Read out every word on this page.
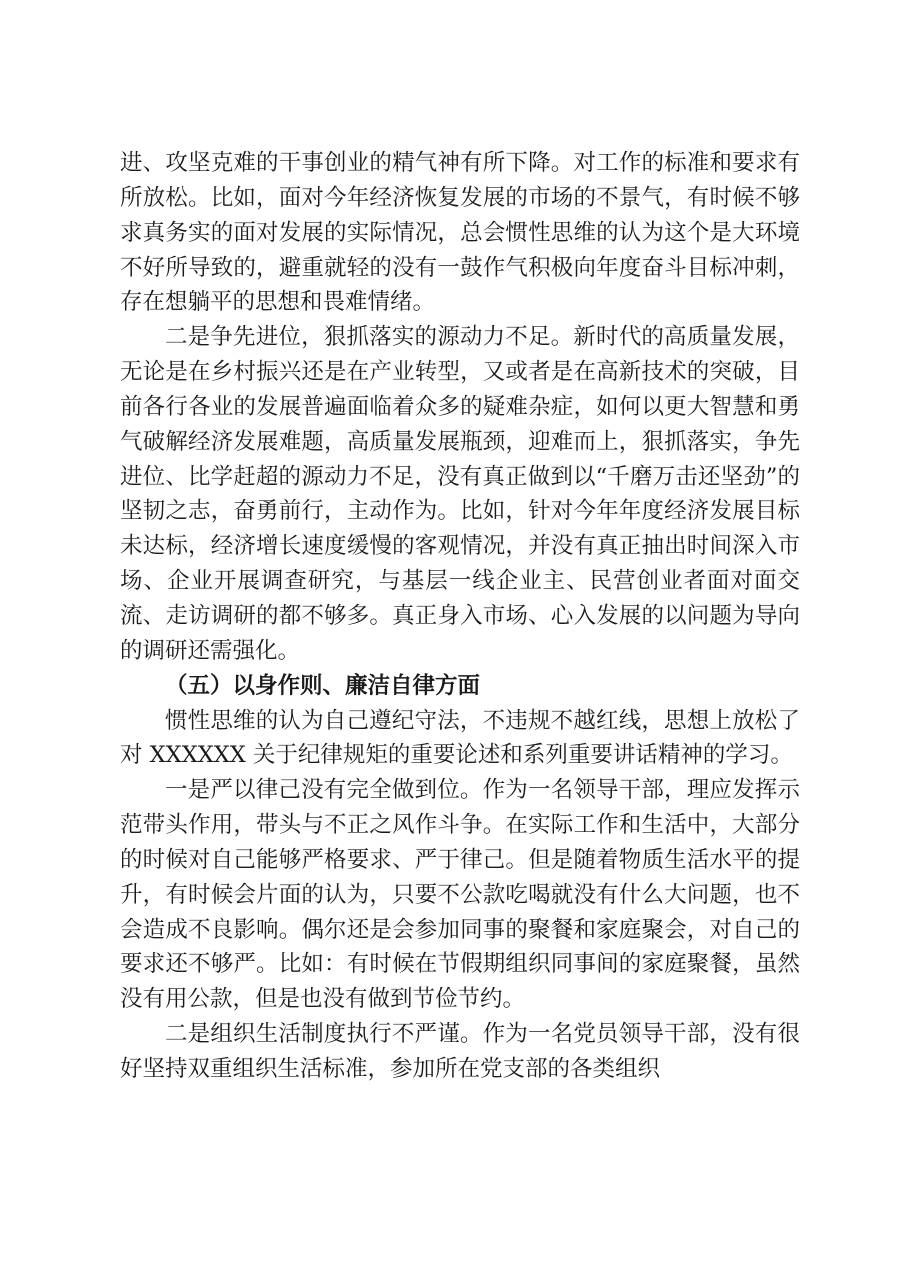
进、攻坚克难的干事创业的精气神有所下降。对工作的标准和要求有所放松。比如，面对今年经济恢复发展的市场的不景气，有时候不够求真务实的面对发展的实际情况，总会惯性思维的认为这个是大环境不好所导致的，避重就轻的没有一鼓作气积极向年度奋斗目标冲刺，存在想躺平的思想和畏难情绪。

二是争先进位，狠抓落实的源动力不足。新时代的高质量发展，无论是在乡村振兴还是在产业转型，又或者是在高新技术的突破，目前各行各业的发展普遍面临着众多的疑难杂症，如何以更大智慧和勇气破解经济发展难题，高质量发展瓶颈，迎难而上，狠抓落实，争先进位、比学赶超的源动力不足，没有真正做到以“千磨万击还坚劲”的坚韧之志，奋勇前行，主动作为。比如，针对今年年度经济发展目标未达标，经济增长速度缓慢的客观情况，并没有真正抽出时间深入市场、企业开展调查研究，与基层一线企业主、民营创业者面对面交流、走访调研的都不够多。真正身入市场、心入发展的以问题为导向的调研还需强化。

（五）以身作则、廉洁自律方面

惯性思维的认为自己遵纪守法，不违规不越红线，思想上放松了对 XXXXXX 关于纪律规矩的重要论述和系列重要讲话精神的学习。

一是严以律己没有完全做到位。作为一名领导干部，理应发挥示范带头作用，带头与不正之风作斗争。在实际工作和生活中，大部分的时候对自己能够严格要求、严于律己。但是随着物质生活水平的提升，有时候会片面的认为，只要不公款吃喝就没有什么大问题，也不会造成不良影响。偶尔还是会参加同事的聚餐和家庭聚会，对自己的要求还不够严。比如：有时候在节假期组织同事间的家庭聚餐，虽然没有用公款，但是也没有做到节俭节约。

二是组织生活制度执行不严谨。作为一名党员领导干部，没有很好坚持双重组织生活标准，参加所在党支部的各类组织
